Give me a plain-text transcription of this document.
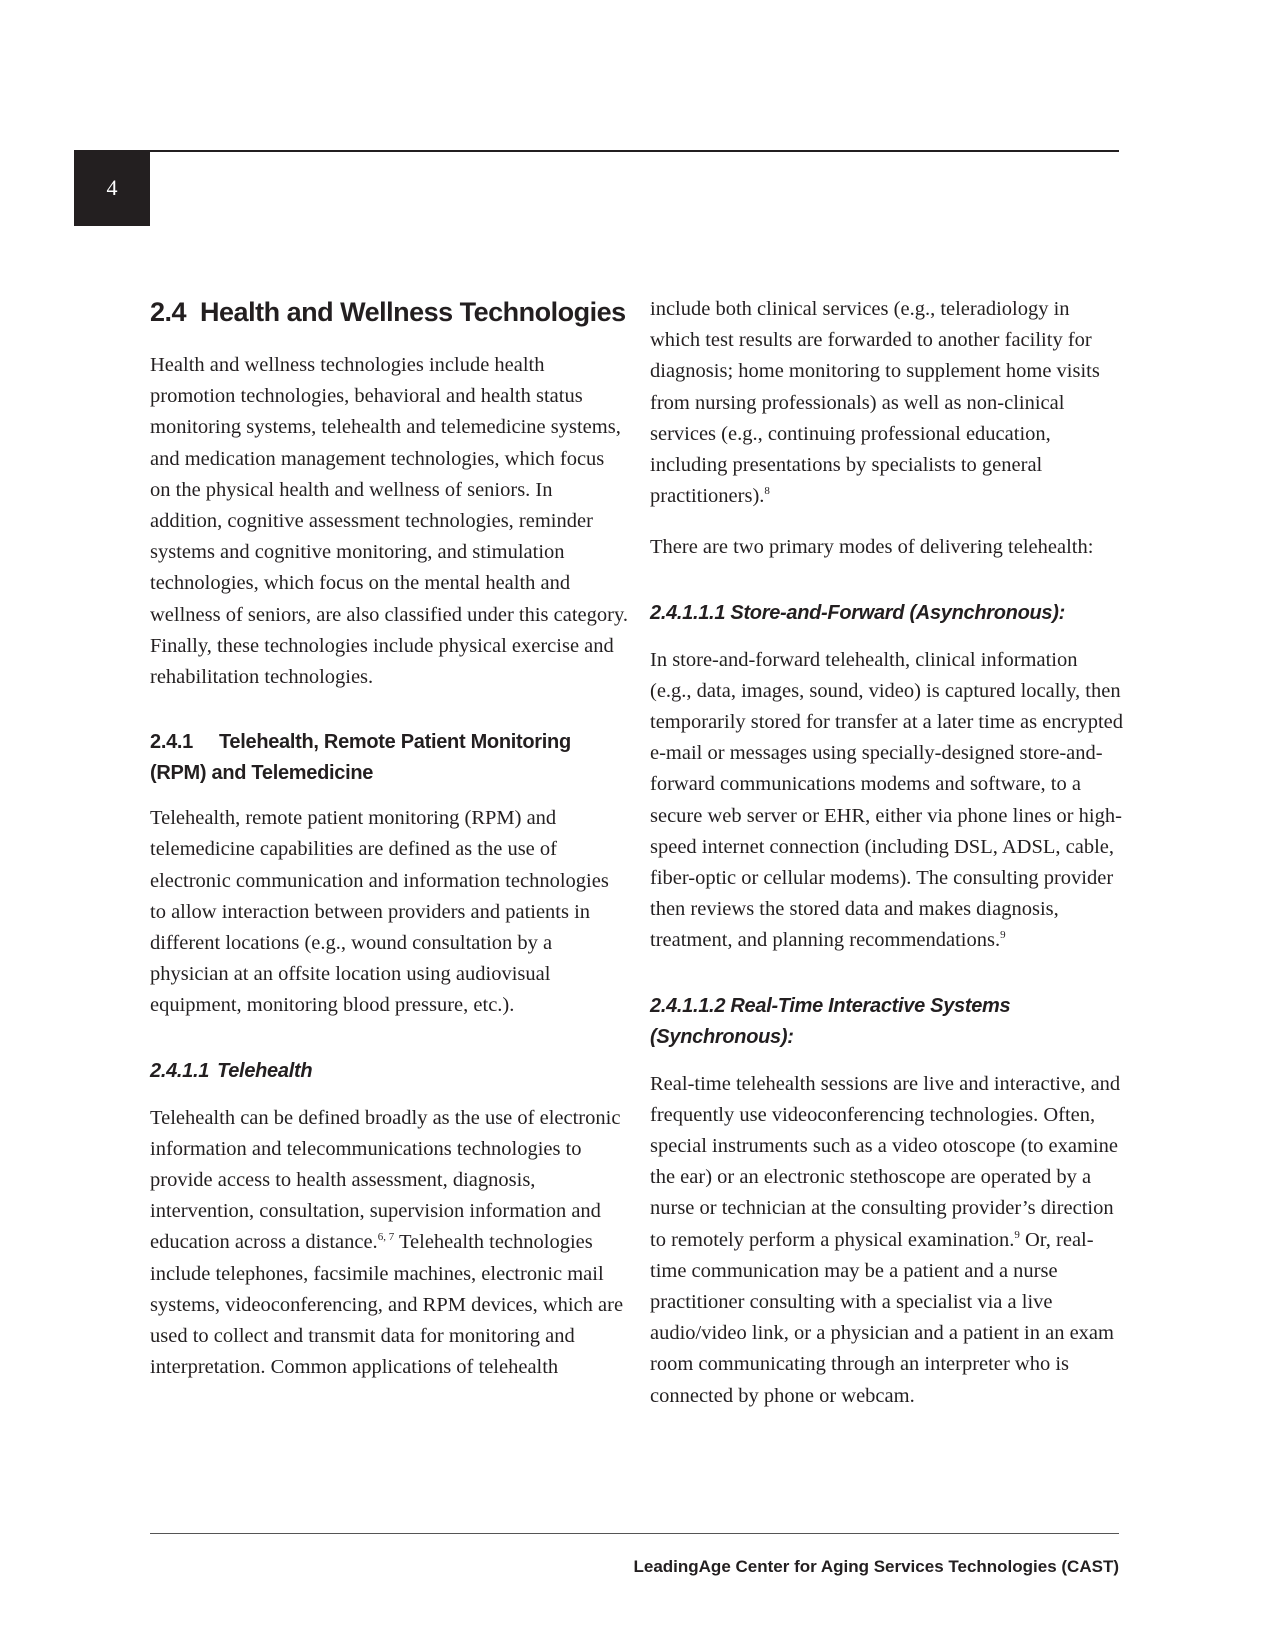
4
2.4 Health and Wellness Technologies

Health and wellness technologies include health promotion technologies, behavioral and health status monitoring systems, telehealth and telemedicine systems, and medication management technologies, which focus on the physical health and wellness of seniors. In addition, cognitive assessment technologies, reminder systems and cognitive monitoring, and stimulation technologies, which focus on the mental health and wellness of seniors, are also classified under this category. Finally, these technologies include physical exercise and rehabilitation technologies.

2.4.1 Telehealth, Remote Patient Monitoring (RPM) and Telemedicine

Telehealth, remote patient monitoring (RPM) and telemedicine capabilities are defined as the use of electronic communication and information technologies to allow interaction between providers and patients in different locations (e.g., wound consultation by a physician at an offsite location using audiovisual equipment, monitoring blood pressure, etc.).

2.4.1.1 Telehealth

Telehealth can be defined broadly as the use of electronic information and telecommunications technologies to provide access to health assessment, diagnosis, intervention, consultation, supervision information and education across a distance.$^{6, 7}$ Telehealth technologies include telephones, facsimile machines, electronic mail systems, videoconferencing, and RPM devices, which are used to collect and transmit data for monitoring and interpretation. Common applications of telehealth

include both clinical services (e.g., teleradiology in which test results are forwarded to another facility for diagnosis; home monitoring to supplement home visits from nursing professionals) as well as non-clinical services (e.g., continuing professional education, including presentations by specialists to general practitioners).$^8$

There are two primary modes of delivering telehealth:

2.4.1.1.1 Store-and-Forward (Asynchronous):

In store-and-forward telehealth, clinical information (e.g., data, images, sound, video) is captured locally, then temporarily stored for transfer at a later time as encrypted e-mail or messages using specially-designed store-and-forward communications modems and software, to a secure web server or EHR, either via phone lines or high-speed internet connection (including DSL, ADSL, cable, fiber-optic or cellular modems). The consulting provider then reviews the stored data and makes diagnosis, treatment, and planning recommendations.$^9$

2.4.1.1.2 Real-Time Interactive Systems (Synchronous):

Real-time telehealth sessions are live and interactive, and frequently use videoconferencing technologies. Often, special instruments such as a video otoscope (to examine the ear) or an electronic stethoscope are operated by a nurse or technician at the consulting provider’s direction to remotely perform a physical examination.$^9$ Or, real-time communication may be a patient and a nurse practitioner consulting with a specialist via a live audio/video link, or a physician and a patient in an exam room communicating through an interpreter who is connected by phone or webcam.

LeadingAge Center for Aging Services Technologies (CAST)
